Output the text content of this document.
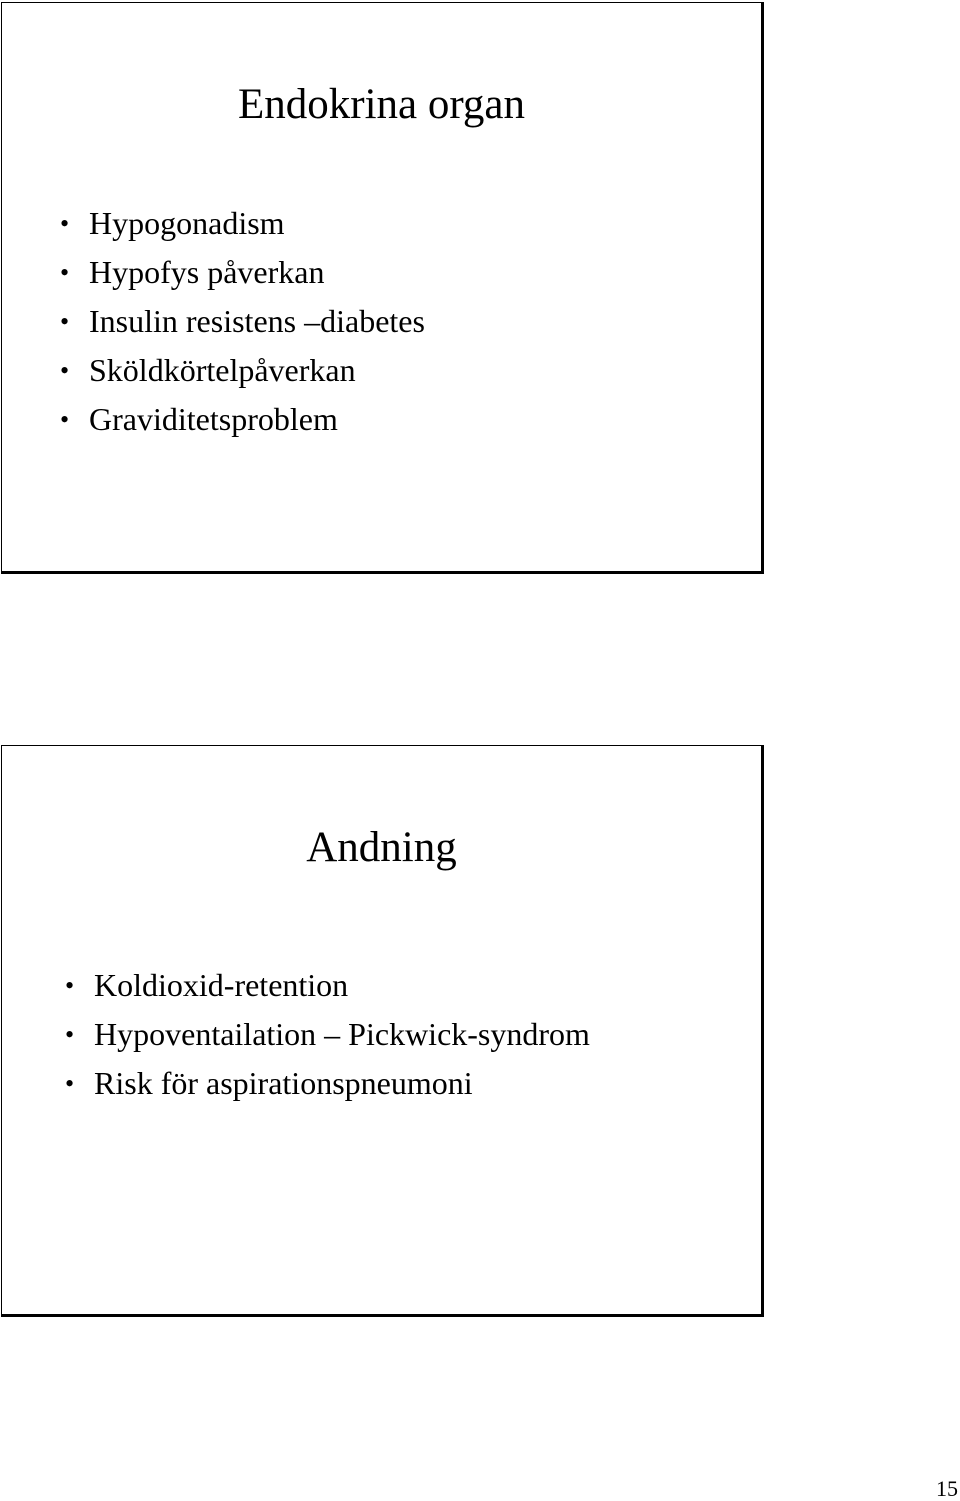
Endokrina organ
• Hypogonadism
• Hypofys påverkan
• Insulin resistens –diabetes
• Sköldkörtelpåverkan
• Graviditetsproblem
Andning
• Koldioxid-retention
• Hypoventailation – Pickwick-syndrom
• Risk för aspirationspneumoni
15
